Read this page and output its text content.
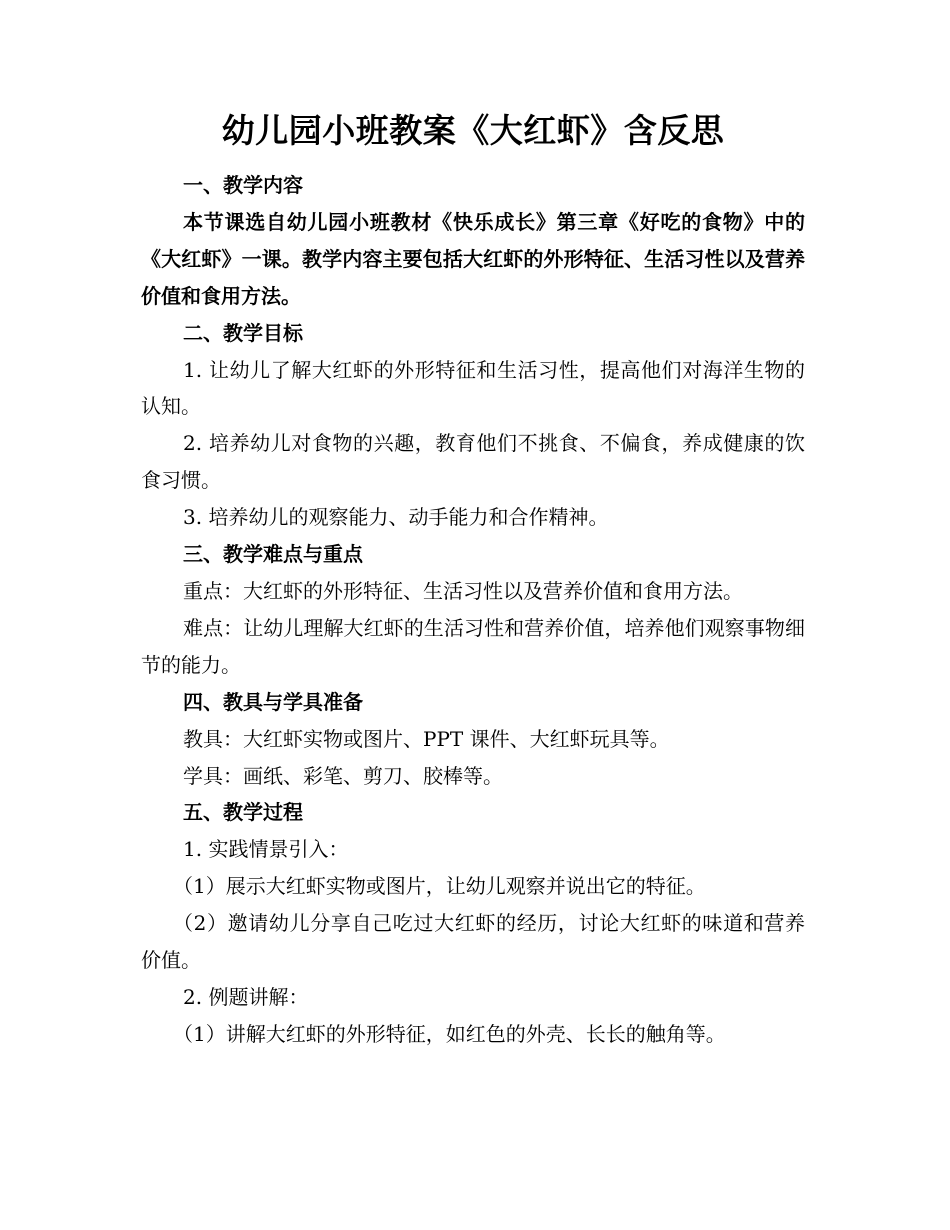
幼儿园小班教案《大红虾》含反思

一、教学内容

本节课选自幼儿园小班教材《快乐成长》第三章《好吃的食物》中的《大红虾》一课。教学内容主要包括大红虾的外形特征、生活习性以及营养价值和食用方法。

二、教学目标

1. 让幼儿了解大红虾的外形特征和生活习性，提高他们对海洋生物的认知。

2. 培养幼儿对食物的兴趣，教育他们不挑食、不偏食，养成健康的饮食习惯。

3. 培养幼儿的观察能力、动手能力和合作精神。

三、教学难点与重点

重点：大红虾的外形特征、生活习性以及营养价值和食用方法。

难点：让幼儿理解大红虾的生活习性和营养价值，培养他们观察事物细节的能力。

四、教具与学具准备

教具：大红虾实物或图片、PPT 课件、大红虾玩具等。

学具：画纸、彩笔、剪刀、胶棒等。

五、教学过程

1. 实践情景引入：

（1）展示大红虾实物或图片，让幼儿观察并说出它的特征。

（2）邀请幼儿分享自己吃过大红虾的经历，讨论大红虾的味道和营养价值。

2. 例题讲解：

（1）讲解大红虾的外形特征，如红色的外壳、长长的触角等。
